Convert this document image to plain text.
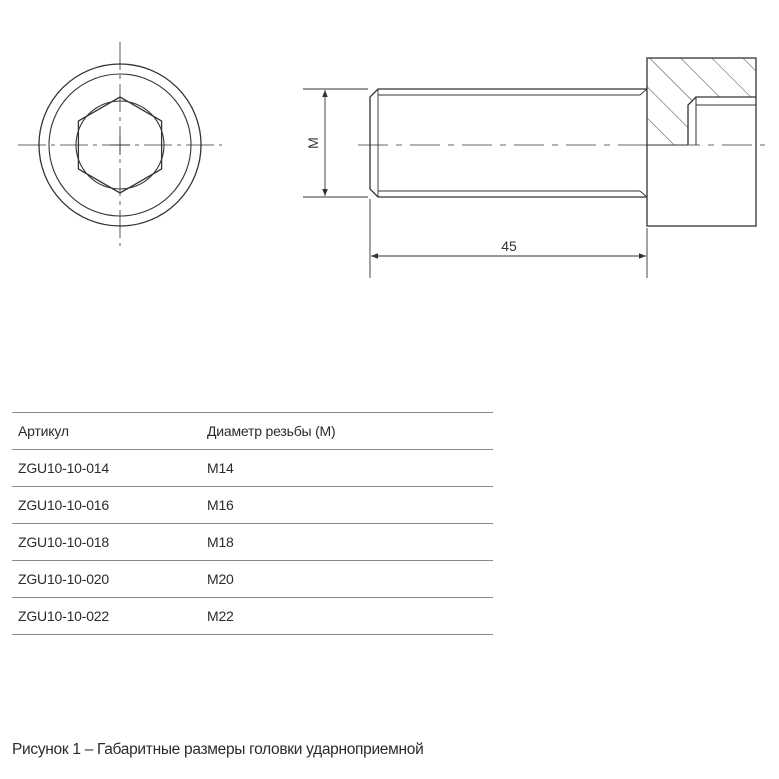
M
45
Артикул	Диаметр резьбы (М)
ZGU10-10-014	M14
ZGU10-10-016	M16
ZGU10-10-018	M18
ZGU10-10-020	M20
ZGU10-10-022	M22
Рисунок 1 – Габаритные размеры головки ударноприемной
